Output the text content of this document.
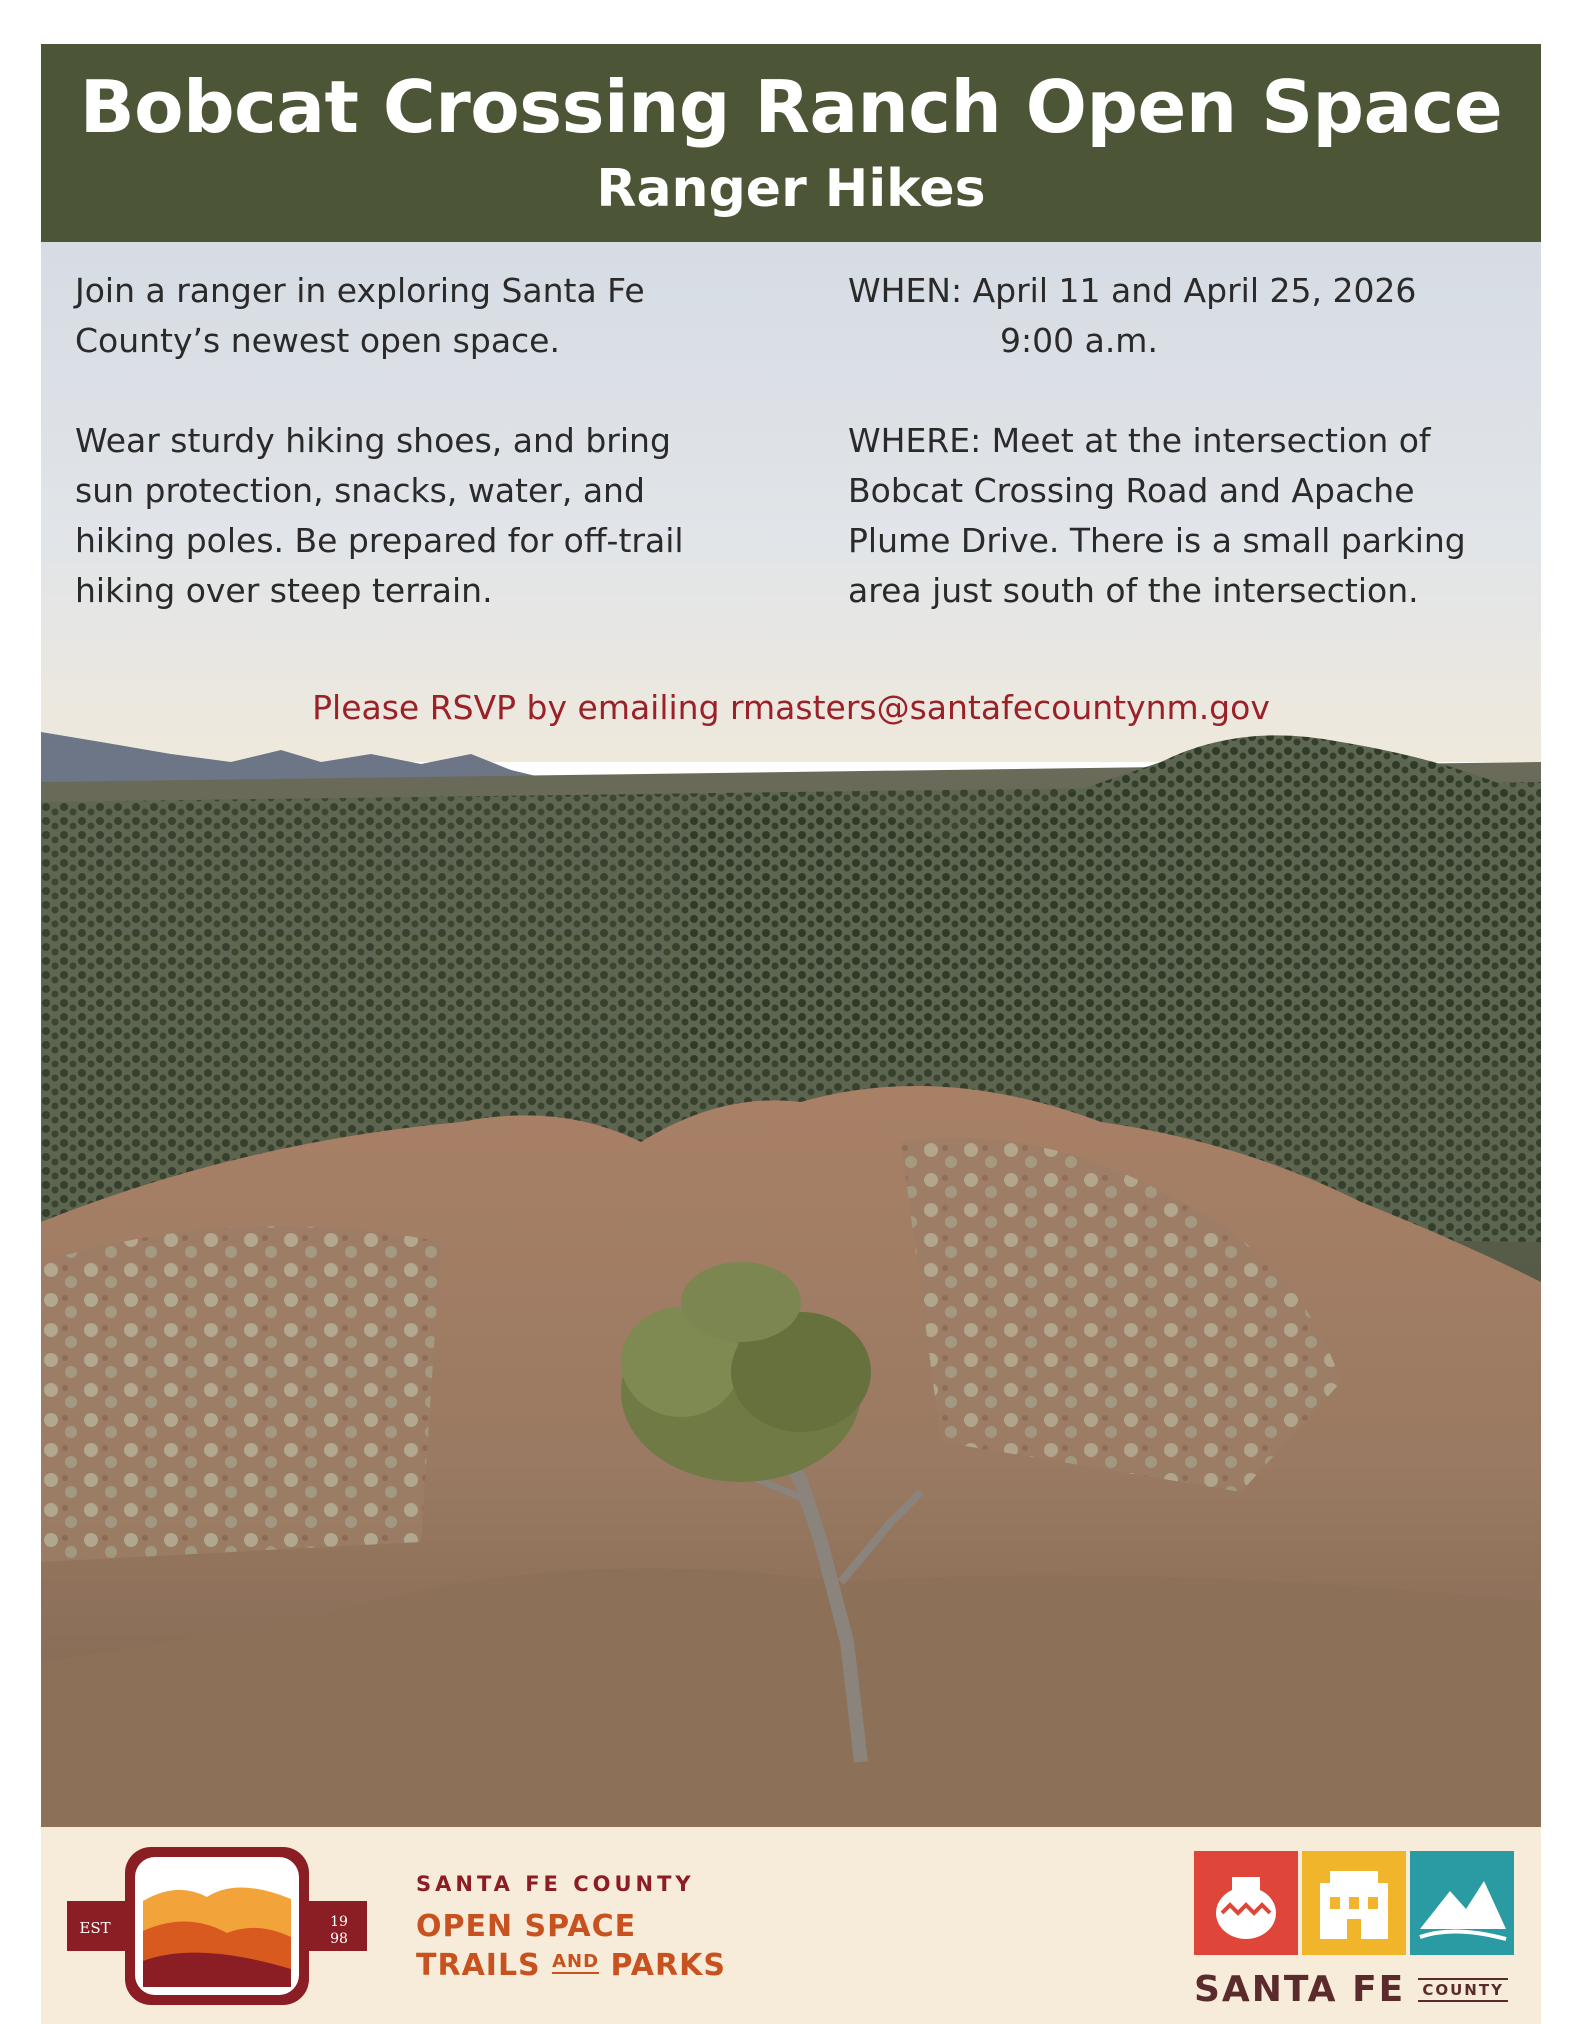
Bobcat Crossing Ranch Open Space
Ranger Hikes

Join a ranger in exploring Santa Fe

County’s newest open space.

Wear sturdy hiking shoes, and bring

sun protection, snacks, water, and

hiking poles. Be prepared for off-trail

hiking over steep terrain.

WHEN: April 11 and April 25, 2026

9:00 a.m.

WHERE: Meet at the intersection of

Bobcat Crossing Road and Apache

Plume Drive. There is a small parking

area just south of the intersection.

Please RSVP by emailing rmasters@santafecountynm.gov
EST	19
98
SANTA FE COUNTY
OPEN SPACE
TRAILS $^{AND}$ PARKS
SANTA FE COUNTY
